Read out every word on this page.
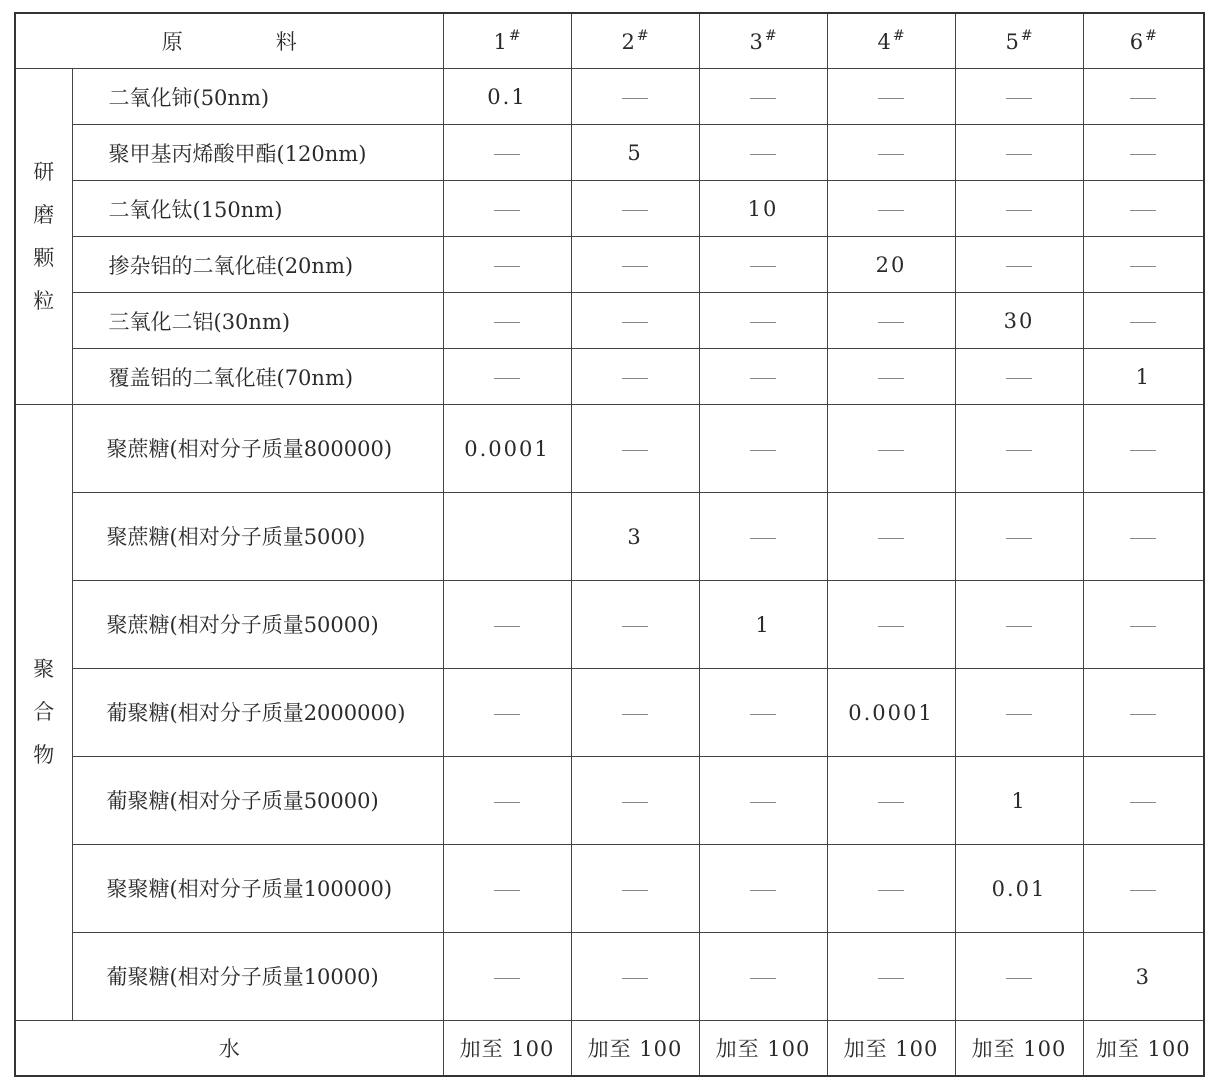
原　料		1 #	2 #	3 #	4 #	5 #	6 #

研
磨
颗
粒	二氧化铈(50nm)	0.1					
	聚甲基丙烯酸甲酯(120nm)		5				
	二氧化钛(150nm)			10			
	掺杂铝的二氧化硅(20nm)				20		
	三氧化二铝(30nm)					30	
	覆盖铝的二氧化硅(70nm)						1

聚
合
物	聚蔗糖(相对分子质量800000)	0.0001					
	聚蔗糖(相对分子质量5000)		3				
	聚蔗糖(相对分子质量50000)			1			
	葡聚糖(相对分子质量2000000)				0.0001		
	葡聚糖(相对分子质量50000)					1	
	聚聚糖(相对分子质量100000)					0.01	
	葡聚糖(相对分子质量10000)						3
水		加至 100	加至 100	加至 100	加至 100	加至 100	加至 100
